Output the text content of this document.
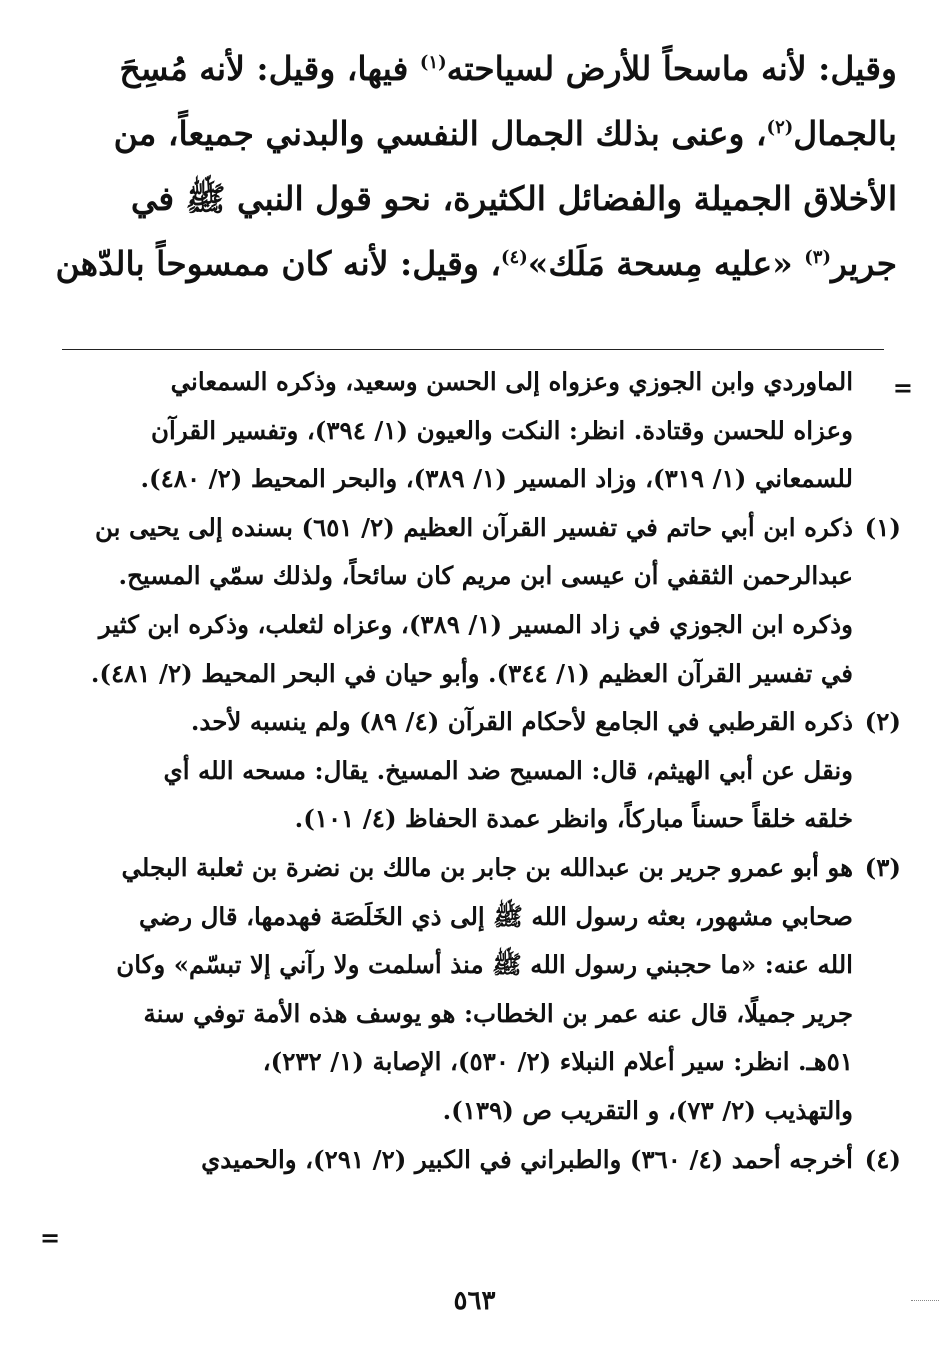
وقيل: لأنه ماسحاً للأرض لسياحته$^{(١)}$ فيها، وقيل: لأنه مُسِحَ
بالجمال$^{(٢)}$، وعنى بذلك الجمال النفسي والبدني جميعاً، من
الأخلاق الجميلة والفضائل الكثيرة، نحو قول النبي ﷺ في
جرير$^{(٣)}$ «عليه مِسحة مَلَك»$^{(٤)}$، وقيل: لأنه كان ممسوحاً بالدّهن
=
الماوردي وابن الجوزي وعزواه إلى الحسن وسعيد، وذكره السمعاني
وعزاه للحسن وقتادة. انظر: النكت والعيون (١/ ٣٩٤)، وتفسير القرآن
للسمعاني (١/ ٣١٩)، وزاد المسير (١/ ٣٨٩)، والبحر المحيط (٢/ ٤٨٠).
(١)
ذكره ابن أبي حاتم في تفسير القرآن العظيم (٢/ ٦٥١) بسنده إلى يحيى بن
عبدالرحمن الثقفي أن عيسى ابن مريم كان سائحاً، ولذلك سمّي المسيح.
وذكره ابن الجوزي في زاد المسير (١/ ٣٨٩)، وعزاه لثعلب، وذكره ابن كثير
في تفسير القرآن العظيم (١/ ٣٤٤). وأبو حيان في البحر المحيط (٢/ ٤٨١).
(٢)
ذكره القرطبي في الجامع لأحكام القرآن (٤/ ٨٩) ولم ينسبه لأحد.
ونقل عن أبي الهيثم، قال: المسيح ضد المسيخ. يقال: مسحه الله أي
خلقه خلقاً حسناً مباركاً، وانظر عمدة الحفاظ (٤/ ١٠١).
(٣)
هو أبو عمرو جرير بن عبدالله بن جابر بن مالك بن نضرة بن ثعلبة البجلي
صحابي مشهور، بعثه رسول الله ﷺ إلى ذي الخَلَصَة فهدمها، قال رضي
الله عنه: «ما حجبني رسول الله ﷺ منذ أسلمت ولا رآني إلا تبسّم» وكان
جرير جميلًا، قال عنه عمر بن الخطاب: هو يوسف هذه الأمة توفي سنة
٥١هـ. انظر: سير أعلام النبلاء (٢/ ٥٣٠)، الإصابة (١/ ٢٣٢)،
والتهذيب (٢/ ٧٣)، و التقريب ص (١٣٩).
(٤)
أخرجه أحمد (٤/ ٣٦٠) والطبراني في الكبير (٢/ ٢٩١)، والحميدي
=
٥٦٣
